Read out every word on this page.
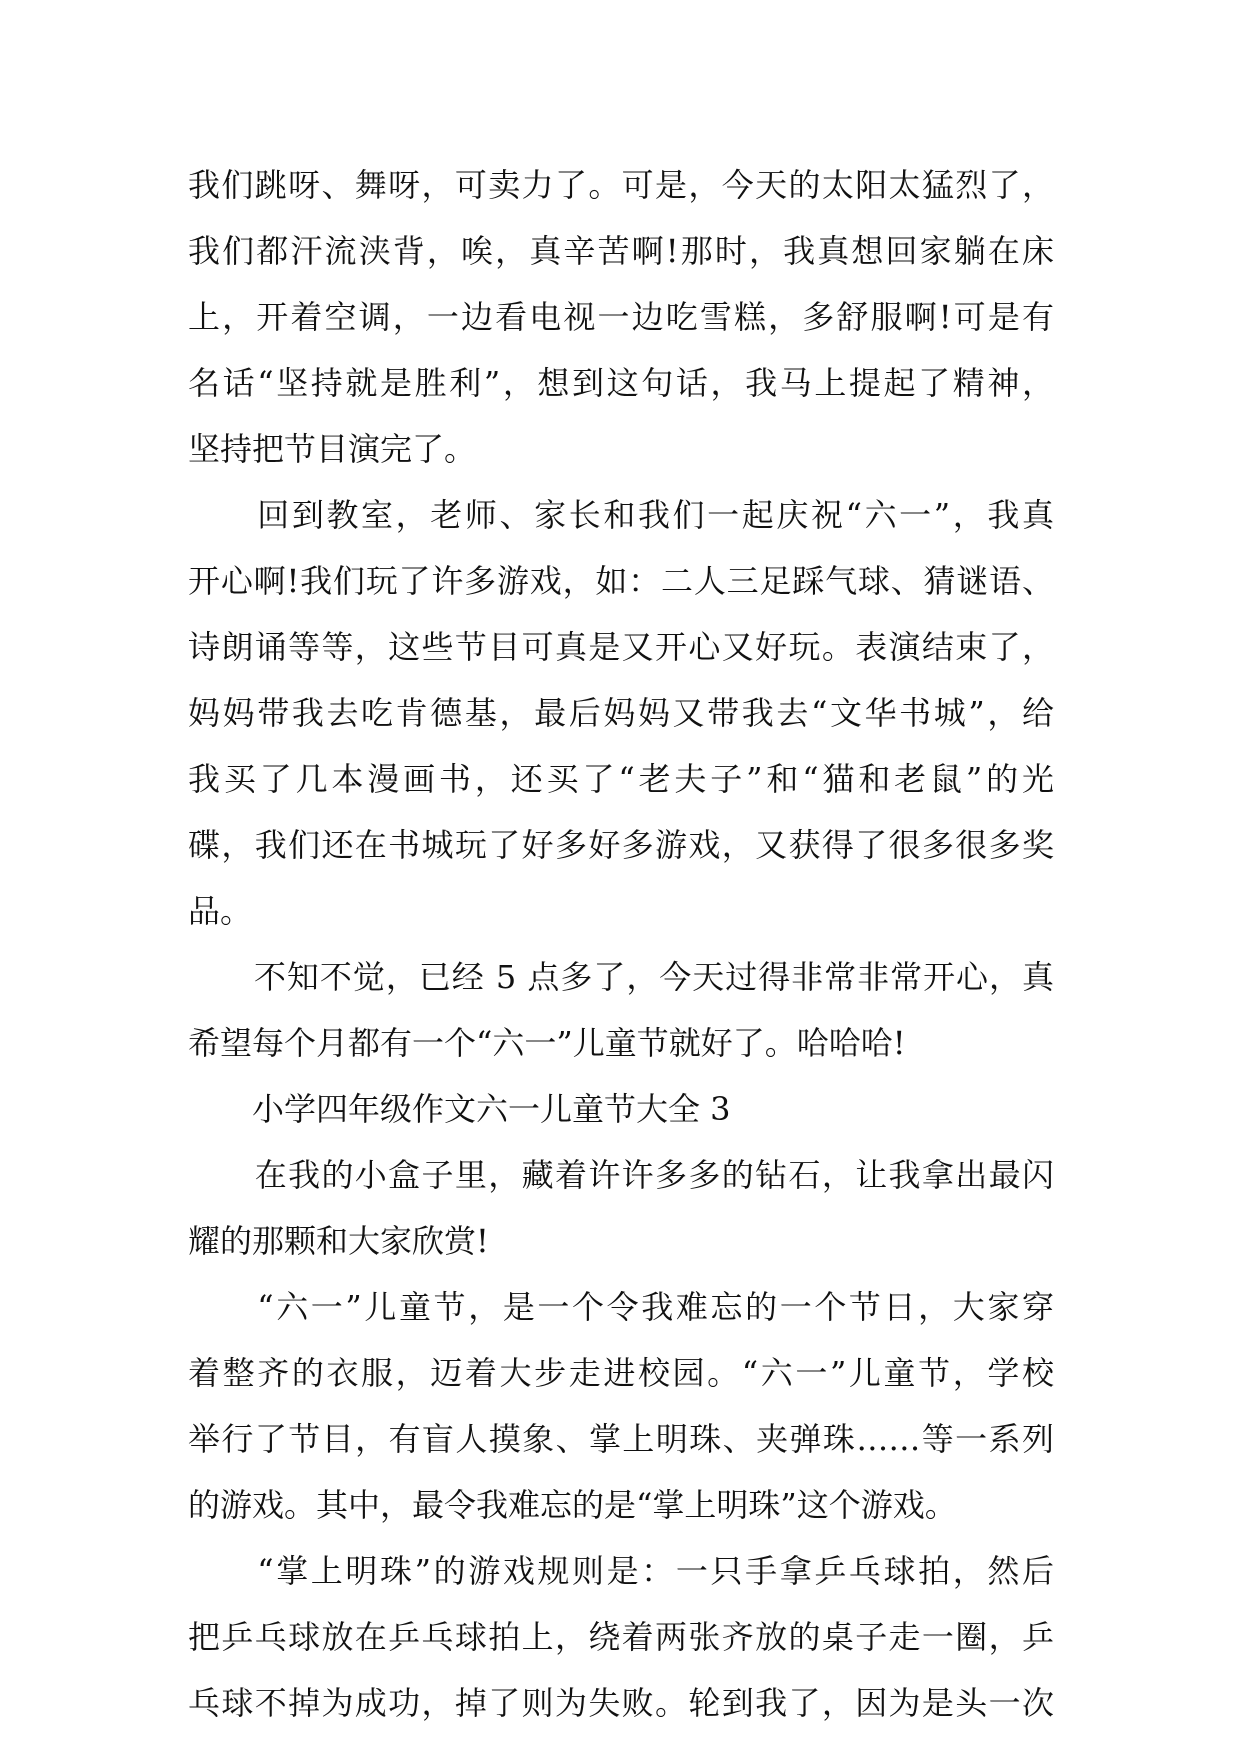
我们跳呀、舞呀，可卖力了。可是，今天的太阳太猛烈了，
我们都汗流浃背，唉，真辛苦啊!那时，我真想回家躺在床
上，开着空调，一边看电视一边吃雪糕，多舒服啊!可是有
名话“坚持就是胜利”，想到这句话，我马上提起了精神，
坚持把节目演完了。
　　回到教室，老师、家长和我们一起庆祝“六一”，我真
开心啊!我们玩了许多游戏，如：二人三足踩气球、猜谜语、
诗朗诵等等，这些节目可真是又开心又好玩。表演结束了，
妈妈带我去吃肯德基，最后妈妈又带我去“文华书城”，给
我买了几本漫画书，还买了“老夫子”和“猫和老鼠”的光
碟，我们还在书城玩了好多好多游戏，又获得了很多很多奖
品。
　　不知不觉，已经 5 点多了，今天过得非常非常开心，真
希望每个月都有一个“六一”儿童节就好了。哈哈哈!
　　小学四年级作文六一儿童节大全 3
　　在我的小盒子里，藏着许许多多的钻石，让我拿出最闪
耀的那颗和大家欣赏!
　　“六一”儿童节，是一个令我难忘的一个节日，大家穿
着整齐的衣服，迈着大步走进校园。“六一”儿童节，学校
举行了节目，有盲人摸象、掌上明珠、夹弹珠……等一系列
的游戏。其中，最令我难忘的是“掌上明珠”这个游戏。
　　“掌上明珠”的游戏规则是：一只手拿乒乓球拍，然后
把乒乓球放在乒乓球拍上，绕着两张齐放的桌子走一圈，乒
乓球不掉为成功，掉了则为失败。轮到我了，因为是头一次
